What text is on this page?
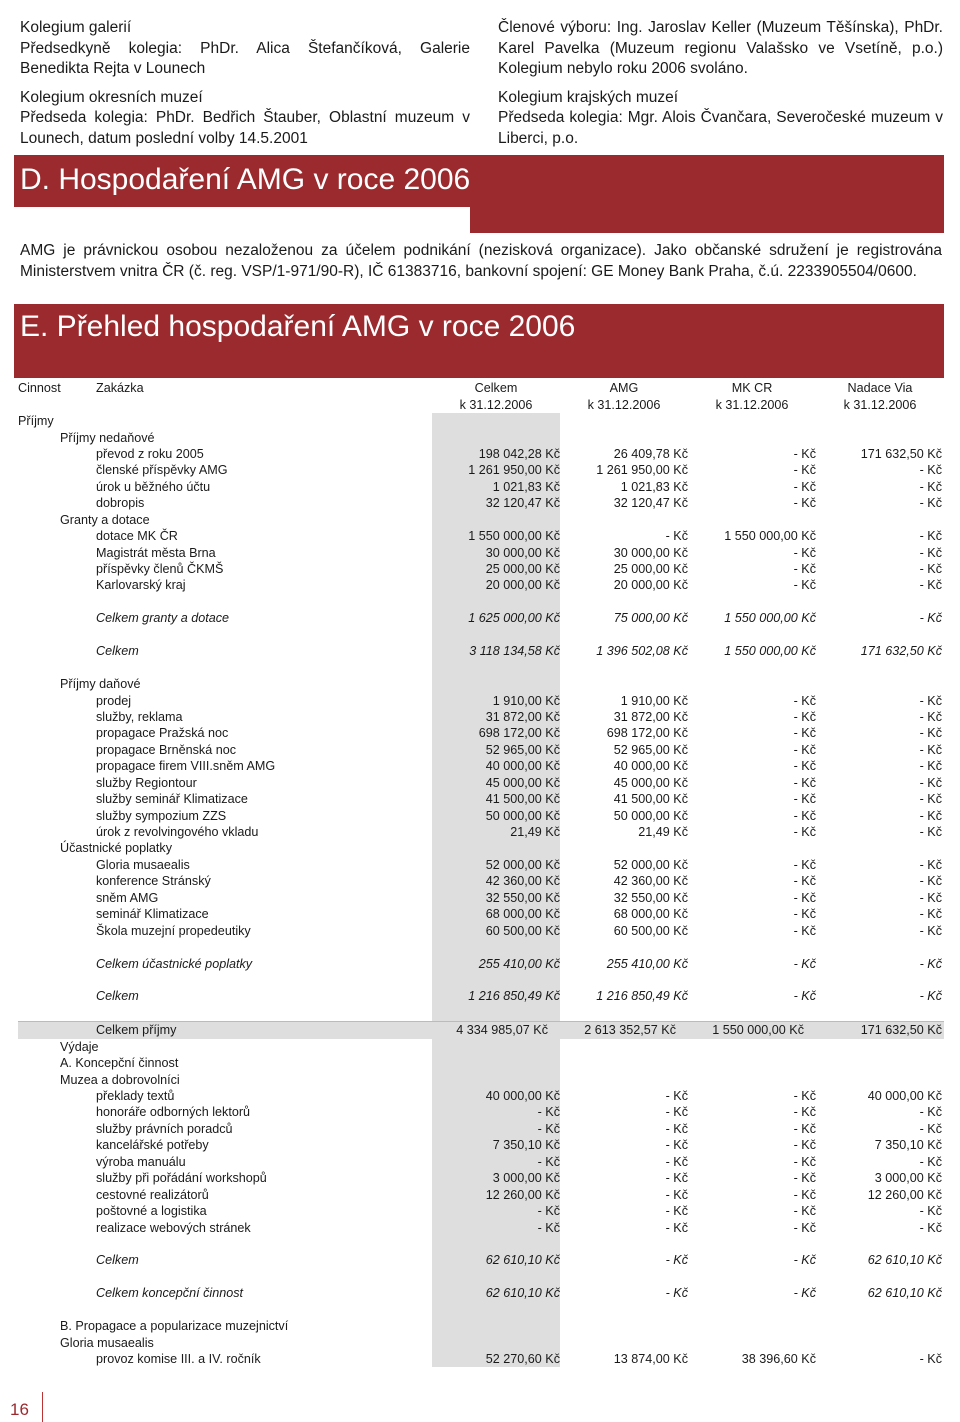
Kolegium galerií

Předsedkyně kolegia: PhDr. Alica Štefančíková, Galerie Benedikta Rejta v Lounech

Kolegium okresních muzeí

Předseda kolegia: PhDr. Bedřich Štauber, Oblastní muzeum v Lounech, datum poslední volby 14.5.2001

Členové výboru: Ing. Jaroslav Keller (Muzeum Těšínska), PhDr. Karel Pavelka (Muzeum regionu Valašsko ve Vsetíně, p.o.) Kolegium nebylo roku 2006 svoláno.

Kolegium krajských muzeí

Předseda kolegia: Mgr. Alois Čvančara, Severočeské muzeum v Liberci, p.o.

D. Hospodaření AMG v roce 2006

AMG je právnickou osobou nezaloženou za účelem podnikání (nezisková organizace). Jako občanské sdružení je registrována Ministerstvem vnitra ČR (č. reg. VSP/1-971/90-R), IČ 61383716, bankovní spojení: GE Money Bank Praha, č.ú. 2233905504/0600.

E. Přehled hospodaření AMG v roce 2006
Cinnost	Zakázka	Celkem	AMG	MK CR	Nadace Via
		k 31.12.2006	k 31.12.2006	k 31.12.2006	k 31.12.2006
Příjmy					
Příjmy nedaňové					
	převod z roku 2005	198 042,28 Kč	26 409,78 Kč	- Kč	171 632,50 Kč
	členské příspěvky AMG	1 261 950,00 Kč	1 261 950,00 Kč	- Kč	- Kč
	úrok u běžného účtu	1 021,83 Kč	1 021,83 Kč	- Kč	- Kč
	dobropis	32 120,47 Kč	32 120,47 Kč	- Kč	- Kč
Granty a dotace					
	dotace MK ČR	1 550 000,00 Kč	- Kč	1 550 000,00 Kč	- Kč
	Magistrát města Brna	30 000,00 Kč	30 000,00 Kč	- Kč	- Kč
	příspěvky členů ČKMŠ	25 000,00 Kč	25 000,00 Kč	- Kč	- Kč
	Karlovarský kraj	20 000,00 Kč	20 000,00 Kč	- Kč	- Kč

	Celkem granty a dotace	1 625 000,00 Kč	75 000,00 Kč	1 550 000,00 Kč	- Kč

	Celkem	3 118 134,58 Kč	1 396 502,08 Kč	1 550 000,00 Kč	171 632,50 Kč

Příjmy daňové					
	prodej	1 910,00 Kč	1 910,00 Kč	- Kč	- Kč
	služby, reklama	31 872,00 Kč	31 872,00 Kč	- Kč	- Kč
	propagace Pražská noc	698 172,00 Kč	698 172,00 Kč	- Kč	- Kč
	propagace Brněnská noc	52 965,00 Kč	52 965,00 Kč	- Kč	- Kč
	propagace firem VIII.sněm AMG	40 000,00 Kč	40 000,00 Kč	- Kč	- Kč
	služby Regiontour	45 000,00 Kč	45 000,00 Kč	- Kč	- Kč
	služby seminář Klimatizace	41 500,00 Kč	41 500,00 Kč	- Kč	- Kč
	služby sympozium ZZS	50 000,00 Kč	50 000,00 Kč	- Kč	- Kč
	úrok z revolvingového vkladu	21,49 Kč	21,49 Kč	- Kč	- Kč
Účastnické poplatky					
	Gloria musaealis	52 000,00 Kč	52 000,00 Kč	- Kč	- Kč
	konference Stránský	42 360,00 Kč	42 360,00 Kč	- Kč	- Kč
	sněm AMG	32 550,00 Kč	32 550,00 Kč	- Kč	- Kč
	seminář Klimatizace	68 000,00 Kč	68 000,00 Kč	- Kč	- Kč
	Škola muzejní propedeutiky	60 500,00 Kč	60 500,00 Kč	- Kč	- Kč

	Celkem účastnické poplatky	255 410,00 Kč	255 410,00 Kč	- Kč	- Kč

	Celkem	1 216 850,49 Kč	1 216 850,49 Kč	- Kč	- Kč

	Celkem příjmy	4 334 985,07 Kč	2 613 352,57 Kč	1 550 000,00 Kč	171 632,50 Kč
Výdaje					
A. Koncepční činnost					
Muzea a dobrovolníci					
	překlady textů	40 000,00 Kč	- Kč	- Kč	40 000,00 Kč
	honoráře odborných lektorů	- Kč	- Kč	- Kč	- Kč
	služby právních poradců	- Kč	- Kč	- Kč	- Kč
	kancelářské potřeby	7 350,10 Kč	- Kč	- Kč	7 350,10 Kč
	výroba manuálu	- Kč	- Kč	- Kč	- Kč
	služby při pořádání workshopů	3 000,00 Kč	- Kč	- Kč	3 000,00 Kč
	cestovné realizátorů	12 260,00 Kč	- Kč	- Kč	12 260,00 Kč
	poštovné a logistika	- Kč	- Kč	- Kč	- Kč
	realizace webových stránek	- Kč	- Kč	- Kč	- Kč

	Celkem	62 610,10 Kč	- Kč	- Kč	62 610,10 Kč

	Celkem koncepční činnost	62 610,10 Kč	- Kč	- Kč	62 610,10 Kč

B. Propagace a popularizace muzejnictví					
Gloria musaealis					
	provoz komise III. a IV. ročník	52 270,60 Kč	13 874,00 Kč	38 396,60 Kč	- Kč
16
